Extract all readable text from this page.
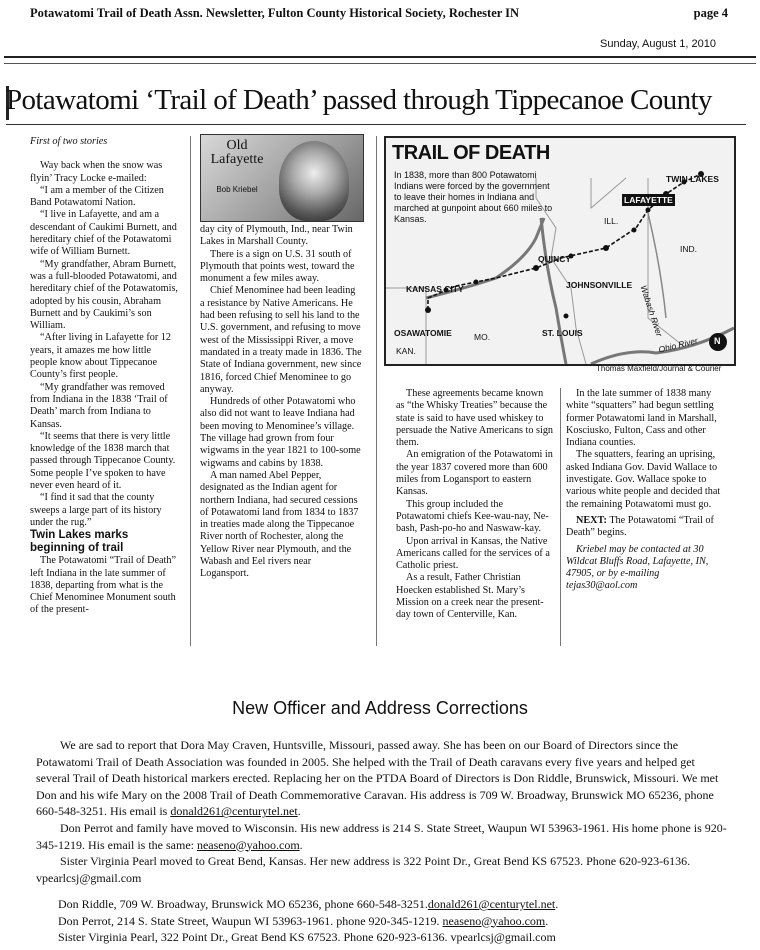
Potawatomi Trail of Death Assn. Newsletter, Fulton County Historical Society, Rochester IN	page 4
Sunday, August 1, 2010
Potawatomi ‘Trail of Death’ passed through Tippecanoe County

First of two stories

Way back when the snow was flyin’ Tracy Locke e-mailed:

“I am a member of the Citizen Band Potawatomi Nation.

“I live in Lafayette, and am a descendant of Caukimi Burnett, and hereditary chief of the Potawatomi wife of William Burnett.

“My grandfather, Abram Burnett, was a full-blooded Potawatomi, and hereditary chief of the Potawatomis, adopted by his cousin, Abraham Burnett and by Caukimi’s son William.

“After living in Lafayette for 12 years, it amazes me how little people know about Tippecanoe County’s first people.

“My grandfather was removed from Indiana in the 1838 ‘Trail of Death’ march from Indiana to Kansas.

“It seems that there is very little knowledge of the 1838 march that passed through Tippecanoe County. Some people I’ve spoken to have never even heard of it.

“I find it sad that the county sweeps a large part of its history under the rug.”

Twin Lakes marks beginning of trail

The Potawatomi “Trail of Death” left Indiana in the late summer of 1838, departing from what is the Chief Menominee Monument south of the present-

Old Lafayette
Bob Kriebel

day city of Plymouth, Ind., near Twin Lakes in Marshall County.

There is a sign on U.S. 31 south of Plymouth that points west, toward the monument a few miles away.

Chief Menominee had been leading a resistance by Native Americans. He had been refusing to sell his land to the U.S. government, and refusing to move west of the Mississippi River, a move mandated in a treaty made in 1836. The State of Indiana government, new since 1816, forced Chief Menominee to go anyway.

Hundreds of other Potawatomi who also did not want to leave Indiana had been moving to Menominee’s village. The village had grown from four wigwams in the year 1821 to 100-some wigwams and cabins by 1838.

A man named Abel Pepper, designated as the Indian agent for northern Indiana, had secured cessions of Potawatomi land from 1834 to 1837 in treaties made along the Tippecanoe River north of Rochester, along the Yellow River near Plymouth, and the Wabash and Eel rivers near Logansport.

TRAIL OF DEATH
In 1838, more than 800 Potawatomi Indians were forced by the government to leave their homes in Indiana and marched at gunpoint about 660 miles to Kansas.
TWIN LAKES
LAFAYETTE
QUINCY
KANSAS CITY	JOHNSONVILLE
OSAWATOMIE	ST. LOUIS
ILL.
IND.
MO.
KAN.
Wabash River
Ohio River N
Thomas Maxfield/Journal & Courier

These agreements became known as “the Whisky Treaties” because the state is said to have used whiskey to persuade the Native Americans to sign them.

An emigration of the Potawatomi in the year 1837 covered more than 600 miles from Logansport to eastern Kansas.

This group included the Potawatomi chiefs Kee-wau-nay, Ne-bash, Pash-po-ho and Naswaw-kay.

Upon arrival in Kansas, the Native Americans called for the services of a Catholic priest.

As a result, Father Christian Hoecken established St. Mary’s Mission on a creek near the present-day town of Centerville, Kan.

In the late summer of 1838 many white “squatters” had begun settling former Potawatomi land in Marshall, Kosciusko, Fulton, Cass and other Indiana counties.

The squatters, fearing an uprising, asked Indiana Gov. David Wallace to investigate. Gov. Wallace spoke to various white people and decided that the remaining Potawatomi must go.

NEXT: The Potawatomi “Trail of Death” begins.

Kriebel may be contacted at 30 Wildcat Bluffs Road, Lafayette, IN, 47905, or by e-mailing tejas30@aol.com

New Officer and Address Corrections

We are sad to report that Dora May Craven, Huntsville, Missouri, passed away. She has been on our Board of Directors since the Potawatomi Trail of Death Association was founded in 2005. She helped with the Trail of Death caravans every five years and helped get several Trail of Death historical markers erected. Replacing her on the PTDA Board of Directors is Don Riddle, Brunswick, Missouri. We met Don and his wife Mary on the 2008 Trail of Death Commemorative Caravan. His address is 709 W. Broadway, Brunswick MO 65236, phone 660-548-3251. His email is donald261@centurytel.net.

Don Perrot and family have moved to Wisconsin. His new address is 214 S. State Street, Waupun WI 53963-1961. His home phone is 920-345-1219. His email is the same: neaseno@yahoo.com.

Sister Virginia Pearl moved to Great Bend, Kansas. Her new address is 322 Point Dr., Great Bend KS 67523. Phone 620-923-6136. vpearlcsj@gmail.com

Don Riddle, 709 W. Broadway, Brunswick MO 65236, phone 660-548-3251.donald261@centurytel.net.
Don Perrot, 214 S. State Street, Waupun WI 53963-1961. phone 920-345-1219. neaseno@yahoo.com.
Sister Virginia Pearl, 322 Point Dr., Great Bend KS 67523. Phone 620-923-6136. vpearlcsj@gmail.com
